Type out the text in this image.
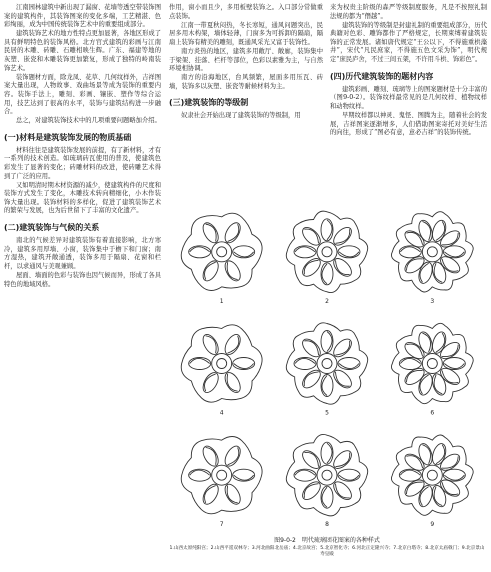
江南园林建筑中新出现了漏窗、花墙等透空带装饰图案的建筑构件，其装饰图案的变化多端，工艺精湛、色彩绚丽，成为中国传统装饰艺术中的重要组成部分。

建筑装饰艺术的地方性特点更加显著，各地区形成了具有鲜明特色的装饰风格。北方官式建筑的彩画与江南民居的木雕、砖雕、石雕相映生辉。广东、福建等地的灰塑、嵌瓷和木雕装饰更加繁复，形成了独特的岭南装饰艺术。

装饰题材方面，除龙凤、花草、几何纹样外，吉祥图案大量出现，人物故事、戏曲场景等成为装饰的重要内容。装饰手法上，雕刻、彩画、镶嵌、塑作等综合运用，技艺达到了很高的水平，装饰与建筑结构进一步融合。

总之，对建筑装饰技术中的几项重要问题略加介绍。

(一)材料是建筑装饰发展的物质基础

材料往往是建筑装饰发展的前提，有了新材料，才有一系列的技术创造。如琉璃砖瓦使用的普及，使建筑色彩发生了显著的变化；砖雕材料的改进，使砖雕艺术得到了广泛的应用。

又如明清时期木材资源的减少，使建筑构件的尺度和装饰方式发生了变化，木雕技术转向精细化，小木作装饰大量出现。装饰材料的多样化，促进了建筑装饰艺术的繁荣与发展，也为后世留下了丰富的文化遗产。

(二)建筑装饰与气候的关系

南北的气候差异对建筑装饰有着直接影响，北方寒冷，建筑多用厚墙、小窗，装饰集中于檐下和门窗；南方湿热，建筑开敞通透，装饰多用于隔扇、花窗和栏杆，以求通风与美观兼顾。

屋面、墙面的色彩与装饰也因气候而异，形成了各具特色的地域风格。

作用，窗小而且少，多用板壁装饰之。入口部分常做重点装饰。

江南一带夏秋闷热，冬长寒短，通风问题突出，民居多用木构架，墙体轻薄，门窗多为可拆卸的隔扇，隔扇上装饰有精美的雕刻，既通风采光又富于装饰性。

南方炎热的地区，建筑多用敞厅、敞廊，装饰集中于梁架、挂落、栏杆等部位，色彩以素雅为主，与自然环境相协调。

南方的沿海地区，台风频繁，屋面多用压瓦、砖墙，装饰多以灰塑、嵌瓷等耐候材料为主。

(三)建筑装饰的等级制

奴隶社会开始出现了建筑装饰的等级制，用

来为权贵主阶级的森严等级制度服务，凡是不按照礼制法规的都为“僭越”。

建筑装饰的等级制是封建礼制的重要组成部分，历代典籍对色彩、雕饰都作了严格规定，长期束缚着建筑装饰的正常发展。诸如唐代规定“王公以下，不得施重栱藻井”，宋代“凡民庶家，不得施五色文采为饰”，明代规定“庶民庐舍，不过三间五架，不许用斗栱、饰彩色”。

(四)历代建筑装饰的题材内容

建筑彩画、雕刻、琉璃等上的图案题材是十分丰富的（图9-0-2）。装饰纹样最常见的是几何纹样、植物纹样和动物纹样。

早期纹样都以神灵、鬼怪、图腾为主，随着社会的发展，吉祥图案逐渐增多，人们借助图案寄托对美好生活的向往，形成了“图必有意，意必吉祥”的装饰传统。

1	2	3
4	5	6
7	8	9
图9-0-2　明代琉璃团花图案的各种样式
1.山西太原纯阳宫；2.山西平遥双林寺；3.河北曲阳北岳庙；4.北京故宫；5.北京智化寺；6.河北正定隆兴寺；7.北京白塔寺；8.北京太庙戟门；9.北京景山寿皇殿
